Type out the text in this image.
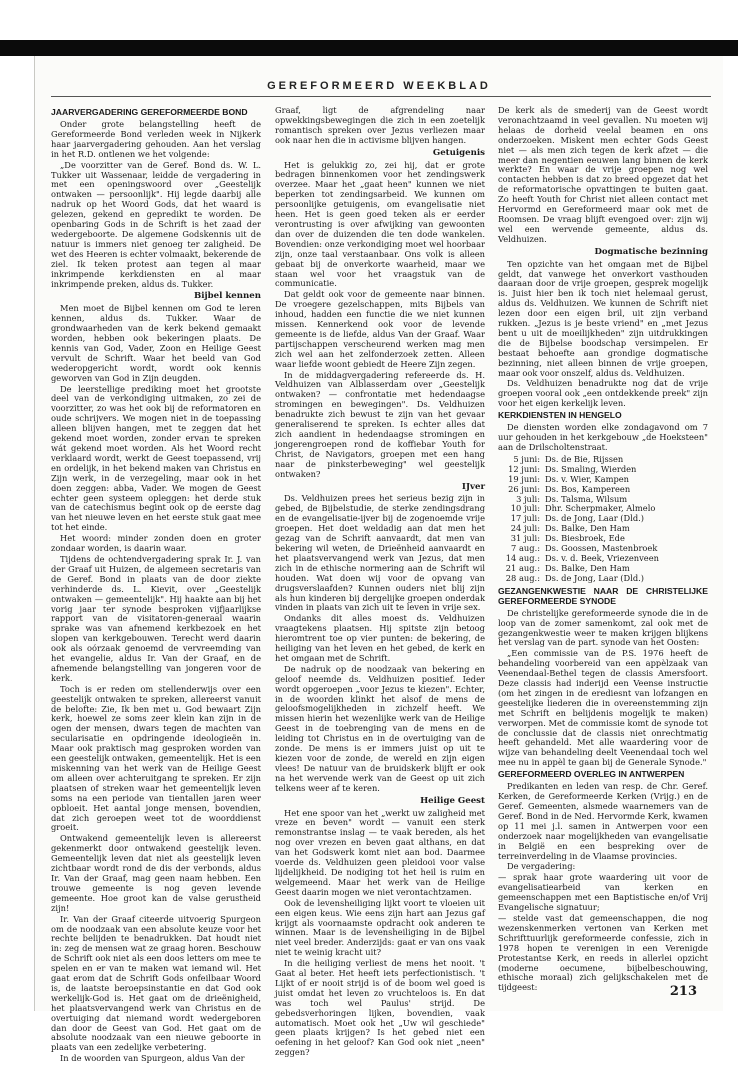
GEREFORMEERD WEEKBLAD
JAARVERGADERING GEREFORMEERDE BOND

Onder grote belangstelling heeft de Gereformeerde Bond verleden week in Nijkerk haar jaarvergadering gehouden. Aan het verslag in het R.D. ontlenen we het volgende:

„De voorzitter van de Geref. Bond ds. W. L. Tukker uit Wassenaar, leidde de vergadering in met een openingswoord over „Geestelijk ontwaken — persoonlijk". Hij legde daarbij alle nadruk op het Woord Gods, dat het waard is gelezen, gekend en gepredikt te worden. De openbaring Gods in de Schrift is het zaad der wedergeboorte. De algemene Godskennis uit de natuur is immers niet genoeg ter zaligheid. De wet des Heeren is echter volmaakt, bekerende de ziel. Ik teken protest aan tegen al maar inkrimpende kerkdiensten en al maar inkrimpende preken, aldus ds. Tukker.

Bijbel kennen

Men moet de Bijbel kennen om God te leren kennen, aldus ds. Tukker. Waar de grondwaarheden van de kerk bekend gemaakt worden, hebben ook bekeringen plaats. De kennis van God, Vader, Zoon en Heilige Geest vervult de Schrift. Waar het beeld van God wederopgericht wordt, wordt ook kennis geworven van God in Zijn deugden.

De leerstellige prediking moet het grootste deel van de verkondiging uitmaken, zo zei de voorzitter, zo was het ook bij de reformatoren en oude schrijvers. We mogen niet in de toepassing alleen blijven hangen, met te zeggen dat het gekend moet worden, zonder ervan te spreken wát gekend moet worden. Als het Woord recht verklaard wordt, werkt de Geest toepassend, vrij en ordelijk, in het bekend maken van Christus en Zijn werk, in de verzegeling, maar ook in het doen zeggen: abba, Vader. We mogen de Geest echter geen systeem opleggen: het derde stuk van de catechismus begint ook op de eerste dag van het nieuwe leven en het eerste stuk gaat mee tot het einde.

Het woord: minder zonden doen en groter zondaar worden, is daarin waar.

Tijdens de ochtendvergadering sprak Ir. J. van der Graaf uit Huizen, de algemeen secretaris van de Geref. Bond in plaats van de door ziekte verhinderde ds. L. Kievit, over „Geestelijk ontwaken — gemeentelijk". Hij haakte aan bij het vorig jaar ter synode besproken vijfjaarlijkse rapport van de visitatoren-generaal waarin sprake was van afnemend kerkbezoek en het slopen van kerkgebouwen. Terecht werd daarin ook als oórzaak genoemd de vervreemding van het evangelie, aldus Ir. Van der Graaf, en de afnemende belangstelling van jongeren voor de kerk.

Toch is er reden om stellenderwijs over een geestelijk ontwaken te spreken, allereerst vanuit de belofte: Zie, Ik ben met u. God bewaart Zijn kerk, hoewel ze soms zeer klein kan zijn in de ogen der mensen, dwars tegen de machten van secularisatie en opdringende ideologieën in. Maar ook praktisch mag gesproken worden van een geestelijk ontwaken, gemeentelijk. Het is een miskenning van het werk van de Heilige Geest om alleen over achteruitgang te spreken. Er zijn plaatsen of streken waar het gemeentelijk leven soms na een periode van tientallen jaren weer opbloeit. Het aantal jonge mensen, bovendien, dat zich geroepen weet tot de woorddienst groeit.

Ontwakend gemeentelijk leven is allereerst gekenmerkt door ontwakend geestelijk leven. Gemeentelijk leven dat niet als geestelijk leven zichtbaar wordt rond de dis der verbonds, aldus Ir. Van der Graaf, mag geen naam hebben. Een trouwe gemeente is nog geven levende gemeente. Hoe groot kan de valse gerustheid zijn!

Ir. Van der Graaf citeerde uitvoerig Spurgeon om de noodzaak van een absolute keuze voor het rechte belijden te benadrukken. Dat houdt niet in: zeg de mensen wat ze graag horen. Beschouw de Schrift ook niet als een doos letters om mee te spelen en er van te maken wat iemand wil. Het gaat erom dat de Schrift Gods onfeilbaar Woord is, de laatste beroepsinstantie en dat God ook werkelijk-God is. Het gaat om de drieënigheid, het plaatsvervangend werk van Christus en de overtuiging dat niemand wordt wedergeboren dan door de Geest van God. Het gaat om de absolute noodzaak van een nieuwe geboorte in plaats van een zedelijke verbetering.

In de woorden van Spurgeon, aldus Van der

Graaf, ligt de afgrendeling naar opwekkingsbewegingen die zich in een zoetelijk romantisch spreken over Jezus verliezen maar ook naar hen die in activisme blijven hangen.

Getuigenis

Het is gelukkig zo, zei hij, dat er grote bedragen binnenkomen voor het zendingswerk overzee. Maar het „gaat heen" kunnen we niet beperken tot zendingsarbeid. We kunnen om persoonlijke getuigenis, om evangelisatie niet heen. Het is geen goed teken als er eerder verontrusting is over afwijking van gewoonten dan over de duizenden die ten dode wankelen. Bovendien: onze verkondiging moet wel hoorbaar zijn, onze taal verstaanbaar. Ons volk is alleen gebaat bij de onverkorte waarheid, maar we staan wel voor het vraagstuk van de communicatie.

Dat geldt ook voor de gemeente naar binnen. De vroegere gezelschappen, mits Bijbels van inhoud, hadden een functie die we niet kunnen missen. Kennerkend ook voor de levende gemeente is de liefde, aldus Van der Graaf. Waar partijschappen verscheurend werken mag men zich wel aan het zelfonderzoek zetten. Alleen waar liefde woont gebiedt de Heere Zijn zegen.

In de middagvergadering refereerde ds. H. Veldhuizen van Alblasserdam over „Geestelijk ontwaken? — confrontatie met hedendaagse stromingen en bewegingen". Ds. Veldhuizen benadrukte zich bewust te zijn van het gevaar generaliserend te spreken. Is echter alles dat zich aandient in hedendaagse stromingen en jongerengroepen rond de koffiebar Youth for Christ, de Navigators, groepen met een hang naar de pinksterbeweging" wel geestelijk ontwaken?

IJver

Ds. Veldhuizen prees het serieus bezig zijn in gebed, de Bijbelstudie, de sterke zendingsdrang en de evangelisatie-ijver bij de zogenoemde vrije groepen. Het doet weldadig aan dat men het gezag van de Schrift aanvaardt, dat men van bekering wil weten, de Drieënheid aanvaardt en het plaatsvervangend werk van Jezus, dat men zich in de ethische normering aan de Schrift wil houden. Wat doen wij voor de opvang van drugsverslaafden? Kunnen ouders niet blij zijn als hun kinderen bij dergelijke groepen onderdak vinden in plaats van zich uit te leven in vrije sex.

Ondanks dit alles moest ds. Veldhuizen vraagtekens plaatsen. Hij spitste zijn betoog hieromtrent toe op vier punten: de bekering, de heiliging van het leven en het gebed, de kerk en het omgaan met de Schrift.

De nadruk op de noodzaak van bekering en geloof neemde ds. Veldhuizen positief. Ieder wordt opgeroepen „voor Jezus te kiezen". Echter, in de woorden klinkt het alsof de mens de geloofsmogelijkheden in zichzelf heeft. We missen hierin het wezenlijke werk van de Heilige Geest in de toebrenging van de mens en de leiding tot Christus en in de overtuiging van de zonde. De mens is er immers juist op uit te kiezen voor de zonde, de wereld en zijn eigen vlees! De natuur van de bruidskerk blijft er ook na het wervende werk van de Geest op uit zich telkens weer af te keren.

Heilige Geest

Het ene spoor van het „werkt uw zaligheid met vreze en beven" wordt — vanuit een sterk remonstrantse inslag — te vaak bereden, als het nog over vrezen en beven gaat althans, en dat van het Godswerk komt niet aan bod. Daarmee voerde ds. Veldhuizen geen pleidooi voor valse lijdelijkheid. De nodiging tot het heil is ruim en welgemeend. Maar het werk van de Heilige Geest daarin mogen we niet verontachtzamen.

Ook de levensheiliging lijkt voort te vloeien uit een eigen keus. Wie eens zijn hart aan Jezus gaf krijgt als voornaamste opdracht ook anderen te winnen. Maar is de levensheiliging in de Bijbel niet veel breder. Anderzijds: gaat er van ons vaak niet te weinig kracht uit?

In die heiliging verliest de mens het nooit. 't Gaat al beter. Het heeft iets perfectionistisch. 't Lijkt of er nooit strijd is of de boom wel goed is juist omdat het leven zo vruchteloos is. En dat was toch wel Paulus' strijd. De gebedsverhoringen lijken, bovendien, vaak automatisch. Moet ook het „Uw wil geschiede" geen plaats krijgen? Is het gebed niet een oefening in het geloof? Kan God ook niet „neen" zeggen?

De kerk als de smederij van de Geest wordt veronachtzaamd in veel gevallen. Nu moeten wij helaas de dorheid veelal beamen en ons onderzoeken. Miskent men echter Gods Geest niet — als men zich tegen de kerk afzet — die meer dan negentien eeuwen lang binnen de kerk werkte? En waar de vrije groepen nog wel contacten hebben is dat zo breed opgezet dat het de reformatorische opvattingen te buiten gaat. Zo heeft Youth for Christ niet alleen contact met Hervormd en Gereformeerd maar ook met de Roomsen. De vraag blijft evengoed over: zijn wij wel een wervende gemeente, aldus ds. Veldhuizen.

Dogmatische bezinning

Ten opzichte van het omgaan met de Bijbel geldt, dat vanwege het onverkort vasthouden daaraan door de vrije groepen, gesprek mogelijk is. Juist hier ben ik toch niet helemaal gerust, aldus ds. Veldhuizen. We kunnen de Schrift niet lezen door een eigen bril, uit zijn verband rukken. „Jezus is je beste vriend" en „met Jezus bent u uit de moeilijkheden" zijn uitdrukkingen die de Bijbelse boodschap versimpelen. Er bestaat behoefte aan grondige dogmatische bezinning, niet alleen binnen de vrije groepen, maar ook voor onszelf, aldus ds. Veldhuizen.

Ds. Veldhuizen benadrukte nog dat de vrije groepen vooral ook „een ontdekkende preek" zijn voor het eigen kerkelijk leven.

KERKDIENSTEN IN HENGELO

De diensten worden elke zondagavond om 7 uur gehouden in het kerkgebouw „de Hoeksteen" aan de Drilscholtenstraat.

5 juni:	Ds. de Bie, Rijssen
12 juni:	Ds. Smaling, Wierden
19 juni:	Ds. v. Wier, Kampen
26 juni:	Ds. Bos, Kampereen
3 juli:	Ds. Talsma, Wilsum
10 juli:	Dhr. Scherpmaker, Almelo
17 juli:	Ds. de Jong, Laar (Dld.)
24 juli:	Ds. Balke, Den Ham
31 juli:	Ds. Biesbroek, Ede
7 aug.:	Ds. Goossen, Mastenbroek
14 aug.:	Ds. v. d. Beek, Vriezenveen
21 aug.:	Ds. Balke, Den Ham
28 aug.:	Ds. de Jong, Laar (Dld.)
GEZANGENKWESTIE NAAR DE CHRISTELIJKE GEREFORMEERDE SYNODE

De christelijke gereformeerde synode die in de loop van de zomer samenkomt, zal ook met de gezangenkwestie weer te maken krijgen blijkens het verslag van de part. synode van het Oosten:

„Een commissie van de P.S. 1976 heeft de behandeling voorbereid van een appèlzaak van Veenendaal-Bethel tegen de classis Amersfoort. Deze classis had inderijd een Veense instructie (om het zingen in de erediesnt van lofzangen en geestelijke liederen die in overeenstemming zijn met Schrift en belijdenis mogelijk te maken) verworpen. Met de commissie komt de synode tot de conclussie dat de classis niet onrechtmatig heeft gehandeld. Met alle waardering voor de wijze van behandeling deelt Veenendaal toch wel mee nu in appèl te gaan bij de Generale Synode."

GEREFORMEERD OVERLEG IN ANTWERPEN

Predikanten en leden van resp. de Chr. Geref. Kerken, de Gereformeerde Kerken (Vrijg.) en de Geref. Gemeenten, alsmede waarnemers van de Geref. Bond in de Ned. Hervormde Kerk, kwamen op 11 mei j.l. samen in Antwerpen voor een onderzoek naar mogelijkheden van evangelisatie in België en een bespreking over de terreinverdeling in de Vlaamse provincies.

De vergadering:

— sprak haar grote waardering uit voor de evangelisatiearbeid van kerken en gemeenschappen met een Baptistische en/of Vrij Evangelische signatuur;

— stelde vast dat gemeenschappen, die nog wezenskenmerken vertonen van Kerken met Schrifttuurlijk gereformeerde confessie, zich in 1978 hopen te verenigen in een Verenigde Protestantse Kerk, en reeds in allerlei opzicht (moderne oecumene, bijbelbeschouwing, ethische moraal) zich gelijkschakelen met de tijdgeest:	213
